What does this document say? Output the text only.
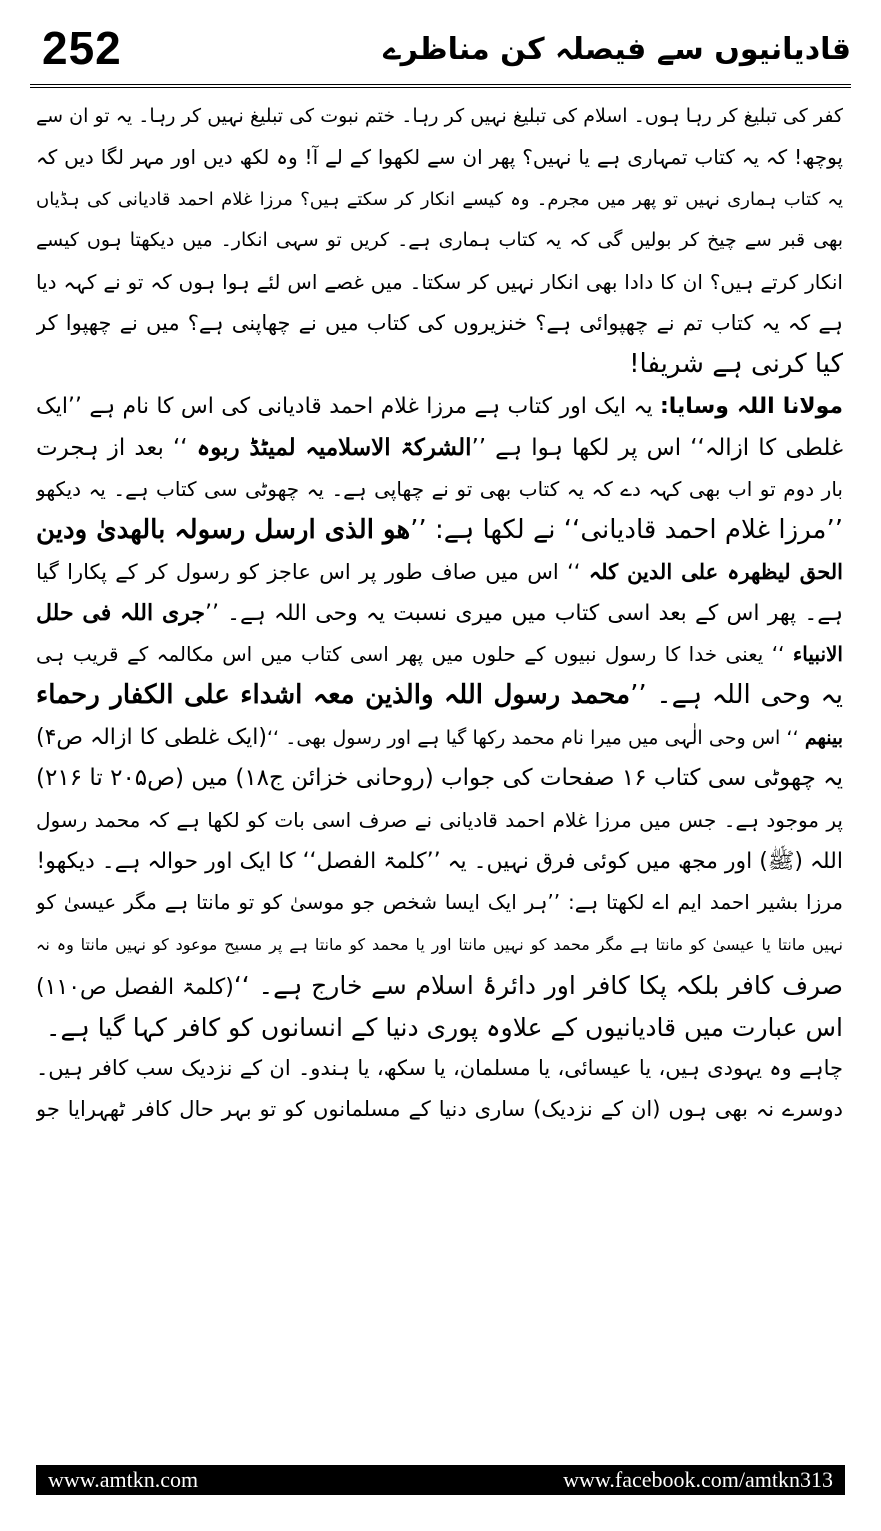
252	قادیانیوں سے فیصلہ کن مناظرے
کفر کی تبلیغ کر رہا ہوں۔ اسلام کی تبلیغ نہیں کر رہا۔ ختم نبوت کی تبلیغ نہیں کر رہا۔ یہ تو ان سے
پوچھ! کہ یہ کتاب تمہاری ہے یا نہیں؟ پھر ان سے لکھوا کے لے آ! وہ لکھ دیں اور مہر لگا دیں کہ
یہ کتاب ہماری نہیں تو پھر میں مجرم۔ وہ کیسے انکار کر سکتے ہیں؟ مرزا غلام احمد قادیانی کی ہڈیاں
بھی قبر سے چیخ کر بولیں گی کہ یہ کتاب ہماری ہے۔ کریں تو سہی انکار۔ میں دیکھتا ہوں کیسے
انکار کرتے ہیں؟ ان کا دادا بھی انکار نہیں کر سکتا۔ میں غصے اس لئے ہوا ہوں کہ تو نے کہہ دیا
ہے کہ یہ کتاب تم نے چھپوائی ہے؟ خنزیروں کی کتاب میں نے چھاپنی ہے؟ میں نے چھپوا کر
کیا کرنی ہے شریفا!
مولانا اللہ وسایا: یہ ایک اور کتاب ہے مرزا غلام احمد قادیانی کی اس کا نام ہے ’’ایک
غلطی کا ازالہ‘‘ اس پر لکھا ہوا ہے ’’الشرکۃ الاسلامیہ لمیٹڈ ربوہ ‘‘ بعد از ہجرت
بار دوم تو اب بھی کہہ دے کہ یہ کتاب بھی تو نے چھاپی ہے۔ یہ چھوٹی سی کتاب ہے۔ یہ دیکھو
’’مرزا غلام احمد قادیانی‘‘ نے لکھا ہے: ’’ھو الذی ارسل رسولہ بالھدیٰ ودین
الحق لیظھرہ علی الدین کلہ ‘‘ اس میں صاف طور پر اس عاجز کو رسول کر کے پکارا گیا
ہے۔ پھر اس کے بعد اسی کتاب میں میری نسبت یہ وحی اللہ ہے۔ ’’جری اللہ فی حلل
الانبیاء ‘‘ یعنی خدا کا رسول نبیوں کے حلوں میں پھر اسی کتاب میں اس مکالمہ کے قریب ہی
یہ وحی اللہ ہے۔ ’’محمد رسول اللہ والذین معہ اشداء علی الکفار رحماء
بینھم ‘‘ اس وحی الٰہی میں میرا نام محمد رکھا گیا ہے اور رسول بھی۔ ‘‘(ایک غلطی کا ازالہ ص۴)
یہ چھوٹی سی کتاب ۱۶ صفحات کی جواب (روحانی خزائن ج۱۸) میں (ص۲۰۵ تا ۲۱۶)
پر موجود ہے۔ جس میں مرزا غلام احمد قادیانی نے صرف اسی بات کو لکھا ہے کہ محمد رسول
اللہ (ﷺ) اور مجھ میں کوئی فرق نہیں۔ یہ ’’کلمۃ الفصل‘‘ کا ایک اور حوالہ ہے۔ دیکھو!
مرزا بشیر احمد ایم اے لکھتا ہے: ’’ہر ایک ایسا شخص جو موسیٰ کو تو مانتا ہے مگر عیسیٰ کو
نہیں مانتا یا عیسیٰ کو مانتا ہے مگر محمد کو نہیں مانتا اور یا محمد کو مانتا ہے پر مسیح موعود کو نہیں مانتا وہ نہ
صرف کافر بلکہ پکا کافر اور دائرۂ اسلام سے خارج ہے۔ ‘‘(کلمۃ الفصل ص۱۱۰)
اس عبارت میں قادیانیوں کے علاوہ پوری دنیا کے انسانوں کو کافر کہا گیا ہے۔
چاہے وہ یہودی ہیں، یا عیسائی، یا مسلمان، یا سکھ، یا ہندو۔ ان کے نزدیک سب کافر ہیں۔
دوسرے نہ بھی ہوں (ان کے نزدیک) ساری دنیا کے مسلمانوں کو تو بہر حال کافر ٹھہرایا جو
www.amtkn.com	www.facebook.com/amtkn313
